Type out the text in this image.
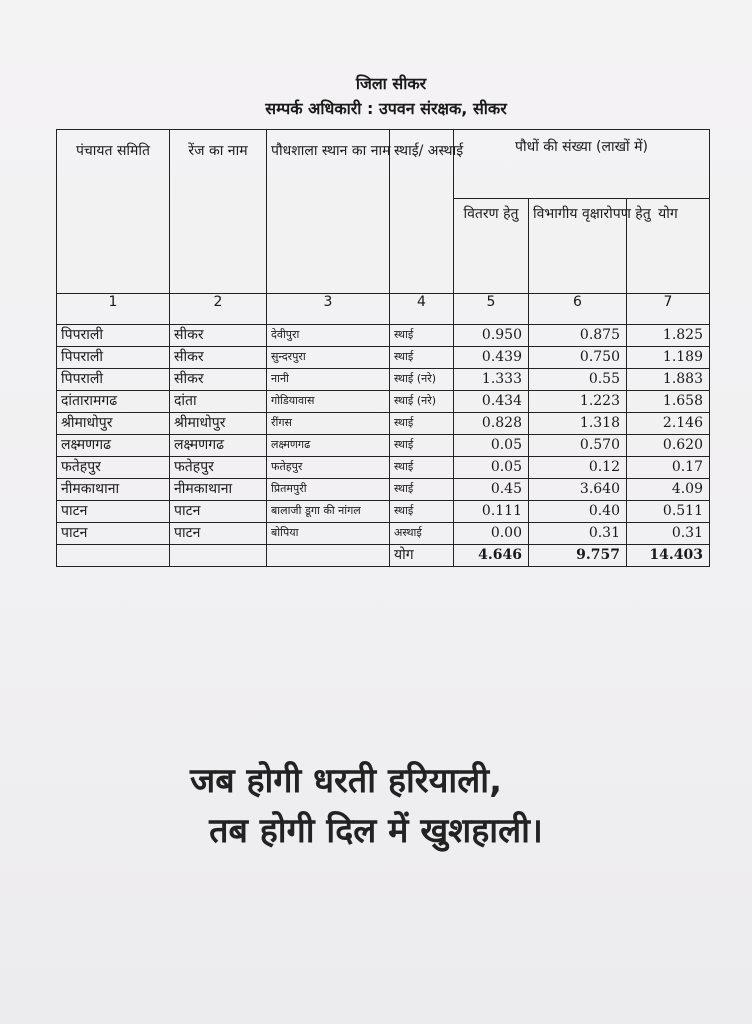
जिला सीकर
सम्पर्क अधिकारी : उपवन संरक्षक, सीकर
पंचायत समिति	रेंज का नाम	पौधशाला स्थान का नाम	स्थाई/ अस्थाई	पौधों की संख्या (लाखों में)		
				वितरण हेतु	विभागीय वृक्षारोपण हेतु	योग
1	2	3	4	5	6	7
पिपराली	सीकर	देवीपुरा	स्थाई	0.950	0.875	1.825
पिपराली	सीकर	सुन्दरपुरा	स्थाई	0.439	0.750	1.189
पिपराली	सीकर	नानी	स्थाई (नरे)	1.333	0.55	1.883
दांतारामगढ	दांता	गोडियावास	स्थाई (नरे)	0.434	1.223	1.658
श्रीमाधोपुर	श्रीमाधोपुर	रींगस	स्थाई	0.828	1.318	2.146
लक्ष्मणगढ	लक्ष्मणगढ	लक्ष्मणगढ	स्थाई	0.05	0.570	0.620
फतेहपुर	फतेहपुर	फतेहपुर	स्थाई	0.05	0.12	0.17
नीमकाथाना	नीमकाथाना	प्रितमपुरी	स्थाई	0.45	3.640	4.09
पाटन	पाटन	बालाजी डूगा की नांगल	स्थाई	0.111	0.40	0.511
पाटन	पाटन	बोपिया	अस्थाई	0.00	0.31	0.31
			योग	4.646	9.757	14.403
जब होगी धरती हरियाली,
तब होगी दिल में खुशहाली।
